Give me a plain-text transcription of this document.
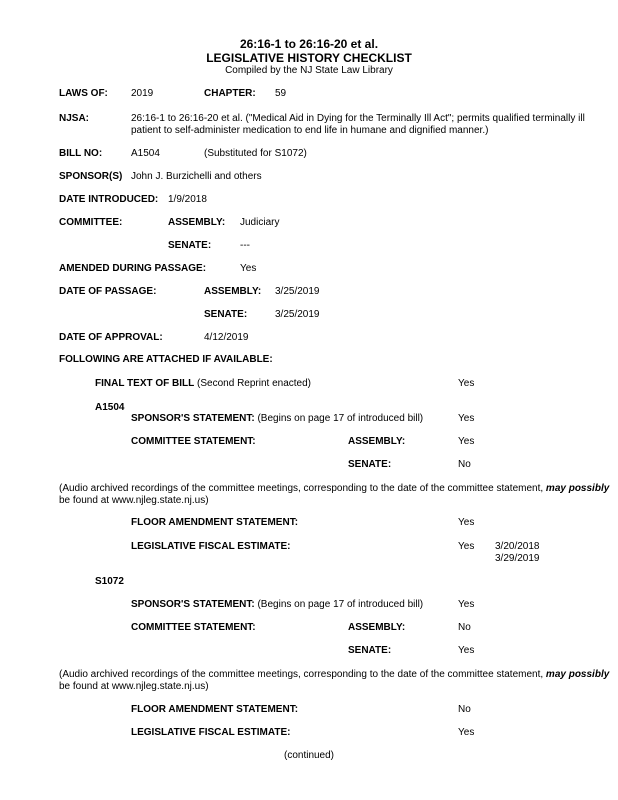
26:16-1 to 26:16-20 et al.
LEGISLATIVE HISTORY CHECKLIST
Compiled by the NJ State Law Library
LAWS OF: 2019	CHAPTER: 59
NJSA:	26:16-1 to 26:16-20 et al. ("Medical Aid in Dying for the Terminally Ill Act"; permits qualified terminally ill
patient to self-administer medication to end life in humane and dignified manner.)
BILL NO:	A1504	(Substituted for S1072)
SPONSOR(S) John J. Burzichelli and others
DATE INTRODUCED: 1/9/2018
COMMITTEE:	ASSEMBLY: Judiciary
SENATE:	---
AMENDED DURING PASSAGE:	Yes
DATE OF PASSAGE:	ASSEMBLY: 3/25/2019
SENATE:	3/25/2019
DATE OF APPROVAL:	4/12/2019
FOLLOWING ARE ATTACHED IF AVAILABLE:
FINAL TEXT OF BILL (Second Reprint enacted)	Yes
A1504
SPONSOR'S STATEMENT: (Begins on page 17 of introduced bill)	Yes
COMMITTEE STATEMENT:	ASSEMBLY:	Yes
SENATE:	No
(Audio archived recordings of the committee meetings, corresponding to the date of the committee statement, may possibly
be found at www.njleg.state.nj.us)
FLOOR AMENDMENT STATEMENT:	Yes
LEGISLATIVE FISCAL ESTIMATE:	Yes 3/20/2018
3/29/2019
S1072
SPONSOR'S STATEMENT: (Begins on page 17 of introduced bill)	Yes
COMMITTEE STATEMENT:	ASSEMBLY:	No
SENATE:	Yes
(Audio archived recordings of the committee meetings, corresponding to the date of the committee statement, may possibly
be found at www.njleg.state.nj.us)
FLOOR AMENDMENT STATEMENT:	No
LEGISLATIVE FISCAL ESTIMATE:	Yes
(continued)
